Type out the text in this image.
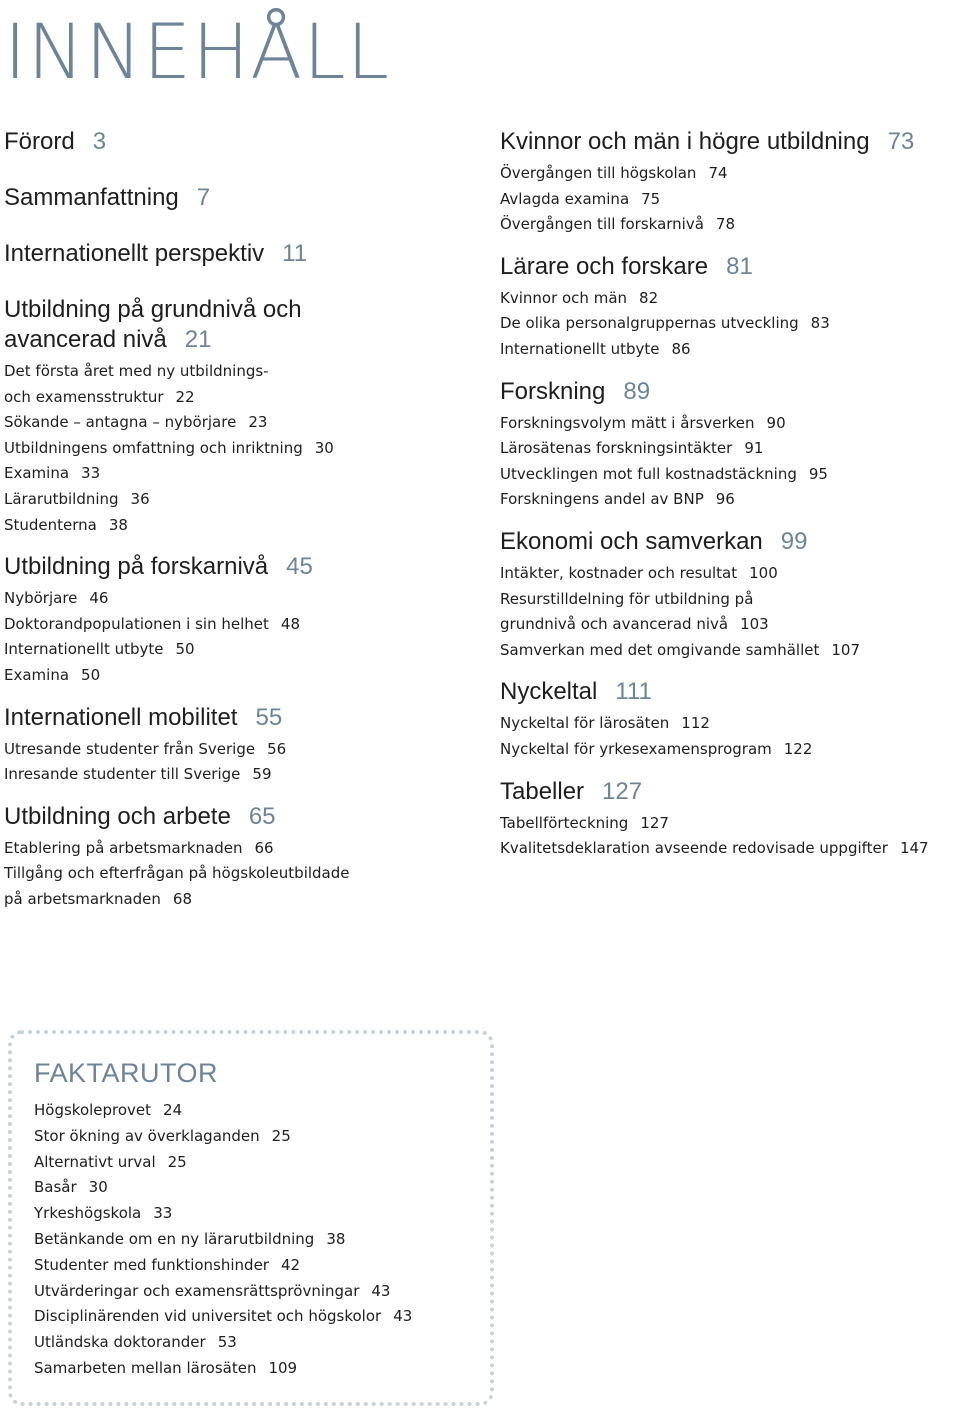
INNEHÅLL
Förord 3
Sammanfattning 7
Internationellt perspektiv 11
Utbildning på grundnivå och
avancerad nivå 21
Det första året med ny utbildnings-
och examensstruktur 22
Sökande – antagna – nybörjare 23
Utbildningens omfattning och inriktning 30
Examina 33
Lärarutbildning 36
Studenterna 38
Utbildning på forskarnivå 45
Nybörjare 46
Doktorandpopulationen i sin helhet 48
Internationellt utbyte 50
Examina 50
Internationell mobilitet 55
Utresande studenter från Sverige 56
Inresande studenter till Sverige 59
Utbildning och arbete 65
Etablering på arbetsmarknaden 66
Tillgång och efterfrågan på högskoleutbildade
på arbetsmarknaden 68
Kvinnor och män i högre utbildning 73
Övergången till högskolan 74
Avlagda examina 75
Övergången till forskarnivå 78
Lärare och forskare 81
Kvinnor och män 82
De olika personalgruppernas utveckling 83
Internationellt utbyte 86
Forskning 89
Forskningsvolym mätt i årsverken 90
Lärosätenas forskningsintäkter 91
Utvecklingen mot full kostnadstäckning 95
Forskningens andel av BNP 96
Ekonomi och samverkan 99
Intäkter, kostnader och resultat 100
Resurstilldelning för utbildning på
grundnivå och avancerad nivå 103
Samverkan med det omgivande samhället 107
Nyckeltal 111
Nyckeltal för lärosäten 112
Nyckeltal för yrkesexamensprogram 122
Tabeller 127
Tabellförteckning 127
Kvalitetsdeklaration avseende redovisade uppgifter 147
FAKTARUTOR
Högskoleprovet 24
Stor ökning av överklaganden 25
Alternativt urval 25
Basår 30
Yrkeshögskola 33
Betänkande om en ny lärarutbildning 38
Studenter med funktionshinder 42
Utvärderingar och examensrättsprövningar 43
Disciplinärenden vid universitet och högskolor 43
Utländska doktorander 53
Samarbeten mellan lärosäten 109
